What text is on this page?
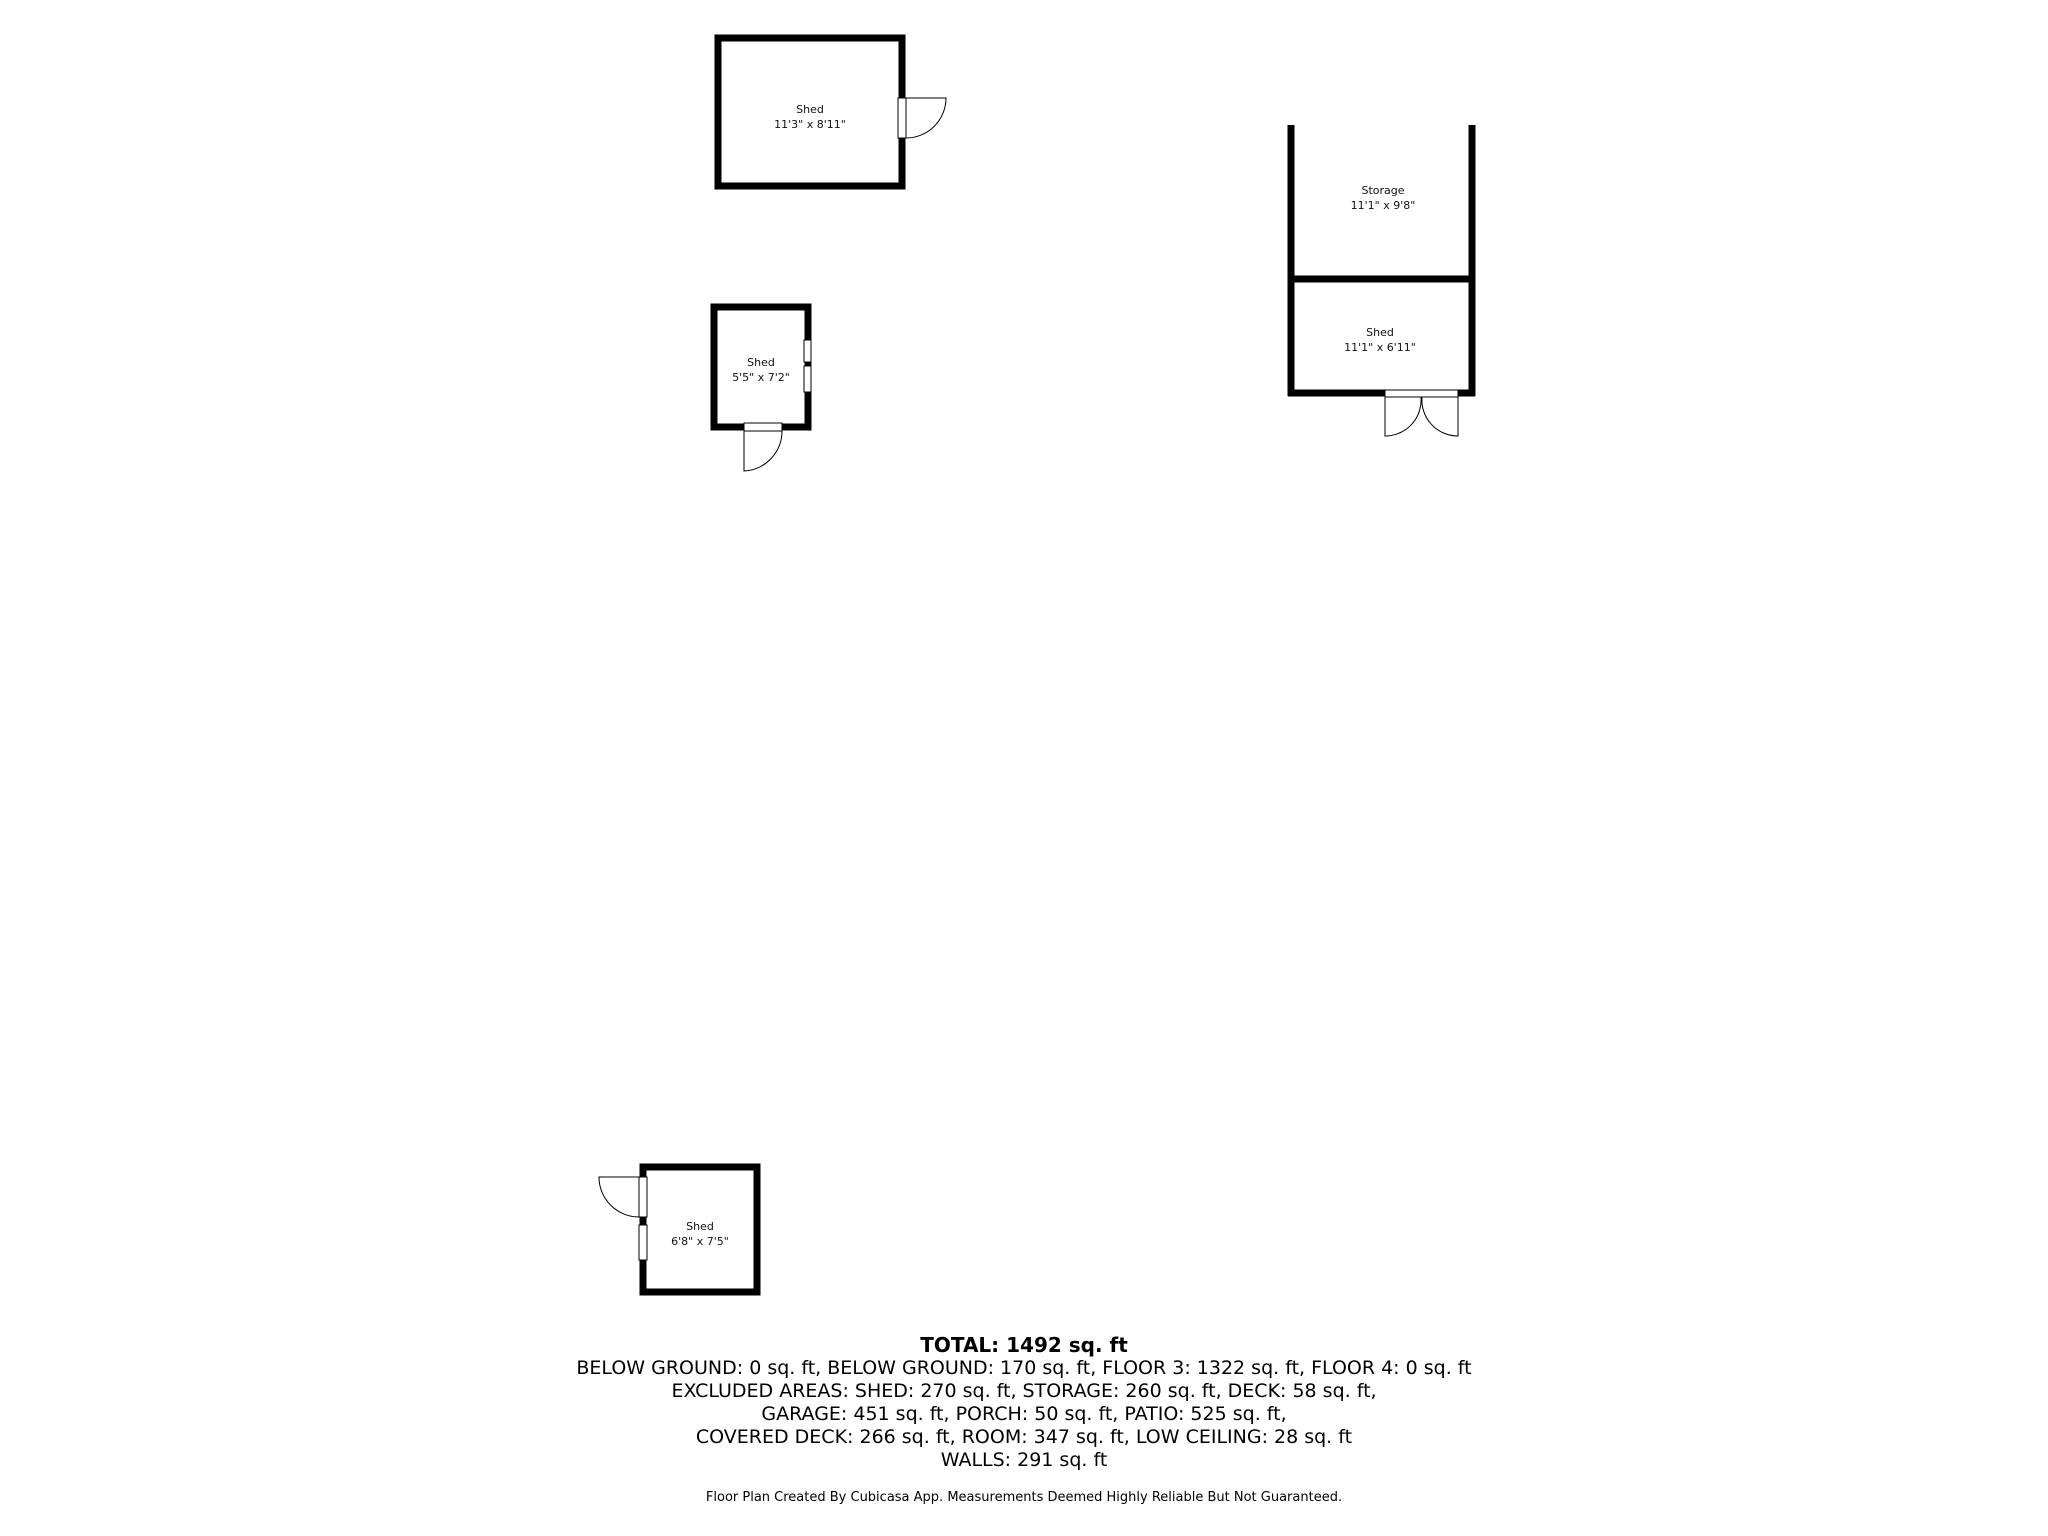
Shed
11'3" x 8'11"
Shed
5'5" x 7'2"
Storage
11'1" x 9'8"
Shed
11'1" x 6'11"
Shed
6'8" x 7'5"
TOTAL: 1492 sq. ft
BELOW GROUND: 0 sq. ft, BELOW GROUND: 170 sq. ft, FLOOR 3: 1322 sq. ft, FLOOR 4: 0 sq. ft
EXCLUDED AREAS: SHED: 270 sq. ft, STORAGE: 260 sq. ft, DECK: 58 sq. ft,
GARAGE: 451 sq. ft, PORCH: 50 sq. ft, PATIO: 525 sq. ft,
COVERED DECK: 266 sq. ft, ROOM: 347 sq. ft, LOW CEILING: 28 sq. ft
WALLS: 291 sq. ft
Floor Plan Created By Cubicasa App. Measurements Deemed Highly Reliable But Not Guaranteed.
